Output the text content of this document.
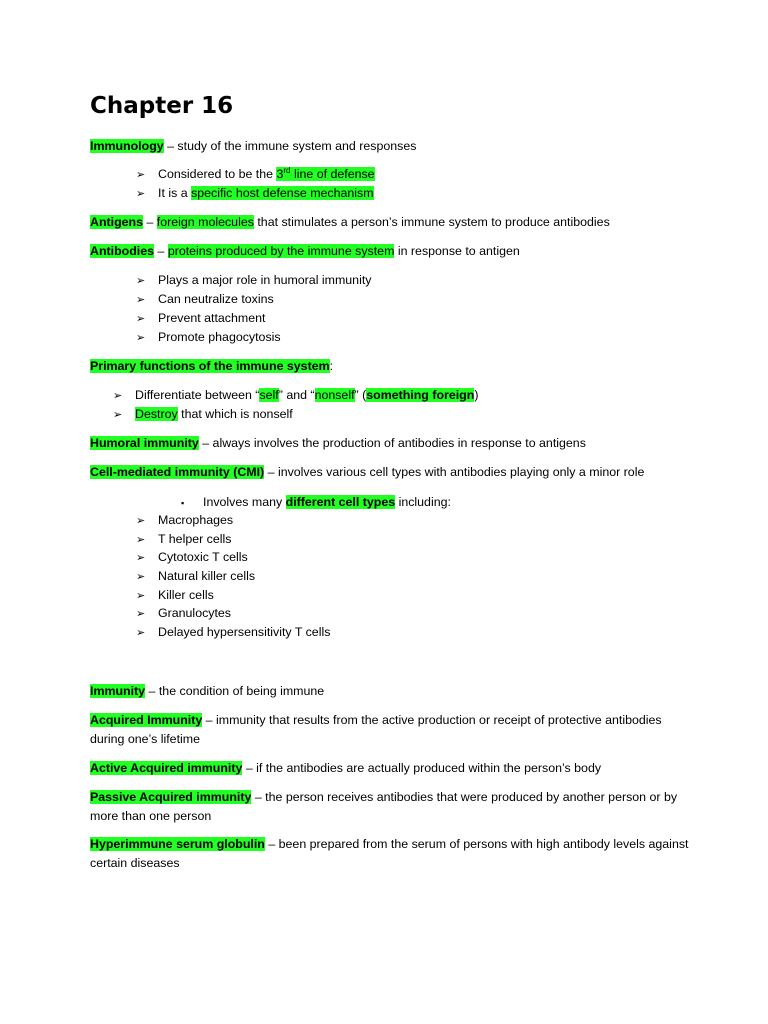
Chapter 16
Immunology – study of the immune system and responses
➢ Considered to be the 3rd line of defense
➢ It is a specific host defense mechanism
Antigens – foreign molecules that stimulates a person’s immune system to produce antibodies
Antibodies – proteins produced by the immune system in response to antigen
➢ Plays a major role in humoral immunity
➢ Can neutralize toxins
➢ Prevent attachment
➢ Promote phagocytosis
Primary functions of the immune system:
➢ Differentiate between “self” and “nonself” (something foreign)
➢ Destroy that which is nonself
Humoral immunity – always involves the production of antibodies in response to antigens
Cell-mediated immunity (CMI) – involves various cell types with antibodies playing only a minor role
▪ Involves many different cell types including:
➢ Macrophages
➢ T helper cells
➢ Cytotoxic T cells
➢ Natural killer cells
➢ Killer cells
➢ Granulocytes
➢ Delayed hypersensitivity T cells
Immunity – the condition of being immune
Acquired Immunity – immunity that results from the active production or receipt of protective antibodies during one’s lifetime
Active Acquired immunity – if the antibodies are actually produced within the person’s body
Passive Acquired immunity – the person receives antibodies that were produced by another person or by more than one person
Hyperimmune serum globulin – been prepared from the serum of persons with high antibody levels against certain diseases
